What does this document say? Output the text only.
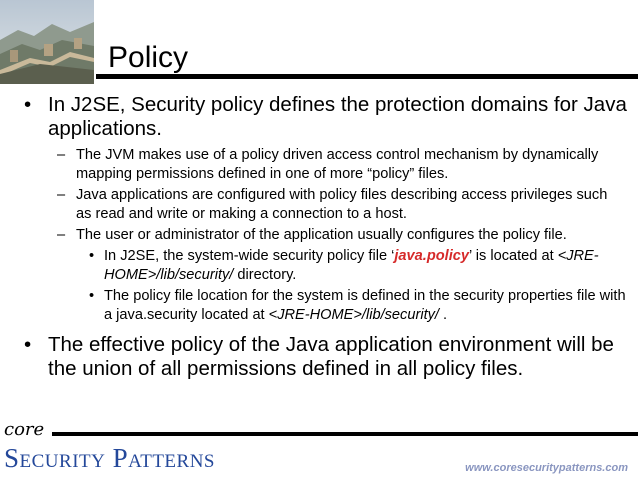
Policy
• In J2SE, Security policy defines the protection domains for Java applications.
– The JVM makes use of a policy driven access control mechanism by dynamically mapping permissions defined in one of more “policy” files.
– Java applications are configured with policy files describing access privileges such as read and write or making a connection to a host.
– The user or administrator of the application usually configures the policy file.
• In J2SE, the system-wide security policy file ‘java.policy’ is located at <JRE-HOME>/lib/security/ directory.
• The policy file location for the system is defined in the security properties file with a java.security located at <JRE-HOME>/lib/security/ .
• The effective policy of the Java application environment will be the union of all permissions defined in all policy files.
core
Security Patterns	www.coresecuritypatterns.com
